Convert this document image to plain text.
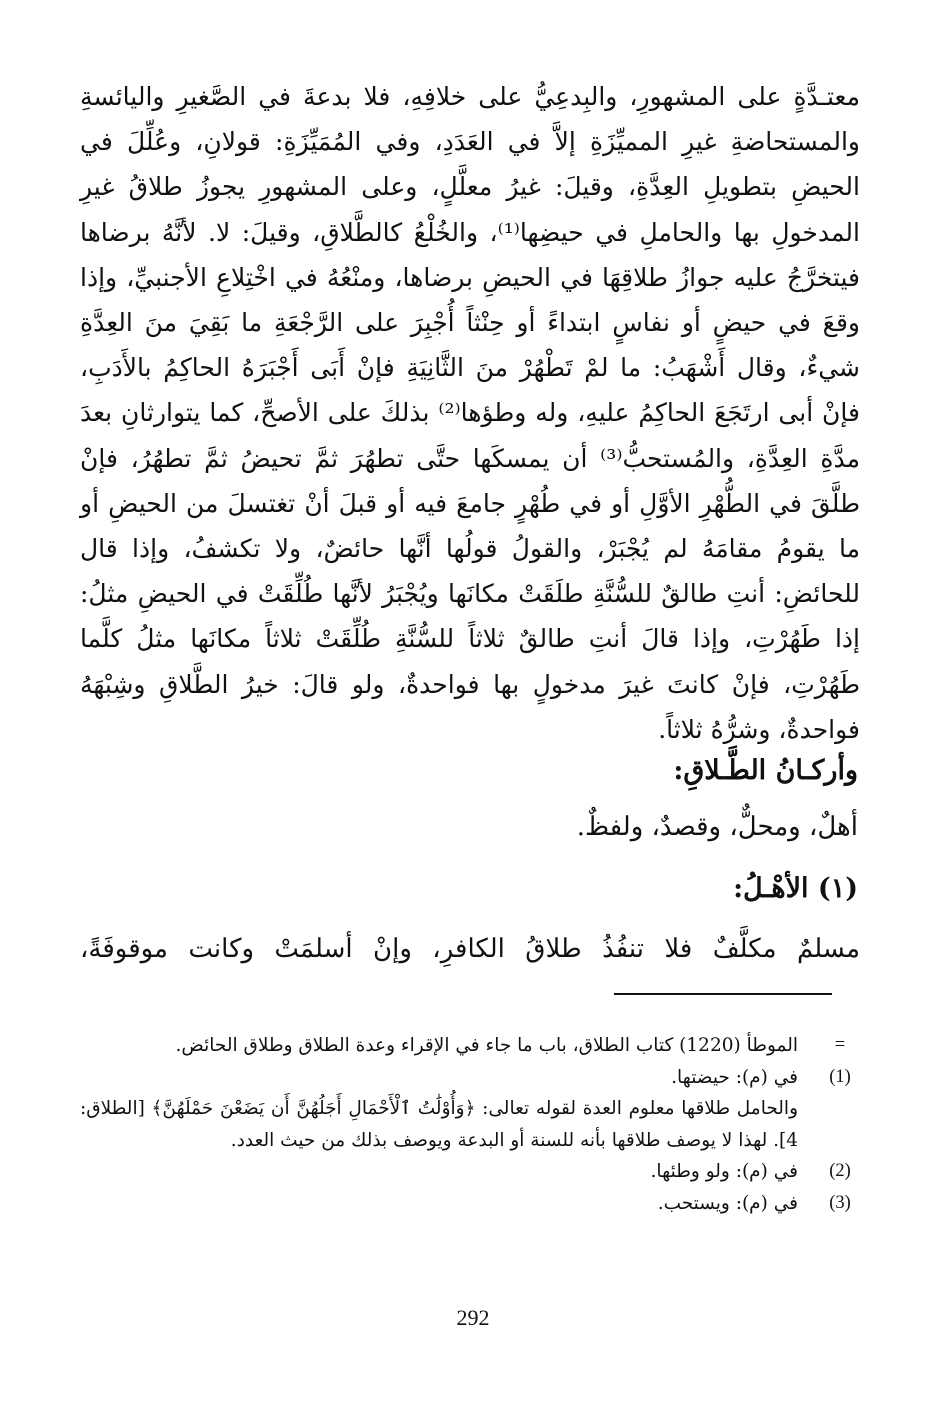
معتـدَّةٍ على المشهورِ، والبِدعِيُّ على خلافِهِ، فلا بدعةَ في الصَّغيرِ واليائسةِ والمستحاضةِ غيرِ المميِّزَةِ إلاَّ في العَدَدِ، وفي المُمَيِّزَةِ: قولانِ، وعُلِّلَ في الحيضِ بتطويلِ العِدَّةِ، وقيلَ: غيرُ معلَّلٍ، وعلى المشهورِ يجوزُ طلاقُ غيرِ المدخولِ بها والحاملِ في حيضِها⁽¹⁾، والخُلْعُ كالطَّلاقِ، وقيلَ: لا. لأنَّهُ برضاها فيتخرَّجُ عليه جوازُ طلاقِهَا في الحيضِ برضاها، ومنْعُهُ في اخْتِلاعِ الأجنبيِّ، وإذا وقعَ في حيضٍ أو نفاسٍ ابتداءً أو حِنْثاً أُجْبِرَ على الرَّجْعَةِ ما بَقِيَ منَ العِدَّةِ شيءٌ، وقال أَشْهَبُ: ما لمْ تَطْهُرْ منَ الثَّانِيَةِ فإنْ أَبَى أَجْبَرَهُ الحاكِمُ بالأَدَبِ، فإنْ أبى ارتَجَعَ الحاكِمُ عليهِ، وله وطؤها⁽²⁾ بذلكَ على الأصحِّ، كما يتوارثانِ بعدَ مدَّةِ العِدَّةِ، والمُستحبُّ⁽³⁾ أن يمسكَها حتَّى تطهُرَ ثمَّ تحيضُ ثمَّ تطهُرُ، فإنْ طلَّقَ في الطُّهْرِ الأوَّلِ أو في طُهْرٍ جامعَ فيه أو قبلَ أنْ تغتسلَ من الحيضِ أو ما يقومُ مقامَهُ لم يُجْبَرْ، والقولُ قولُها أنَّها حائضٌ، ولا تكشفُ، وإذا قال للحائضِ: أنتِ طالقٌ للسُّنَّةِ طلَقَتْ مكانَها ويُجْبَرُ لأنَّها طُلِّقَتْ في الحيضِ مثلُ: إذا طَهُرْتِ، وإذا قالَ أنتِ طالقٌ ثلاثاً للسُّنَّةِ طُلِّقَتْ ثلاثاً مكانَها مثلُ كلَّما طَهُرْتِ، فإنْ كانتَ غيرَ مدخولٍ بها فواحدةٌ، ولو قالَ: خيرُ الطَّلاقِ وشِبْهَهُ فواحدةٌ، وشرُّهُ ثلاثاً.

وأركـانُ الطَّـلاقِ:
أهلٌ، ومحلٌّ، وقصدٌ، ولفظٌ.
(١) الأهْـلُ:
مسلمٌ مكلَّفٌ فلا تنفُذُ طلاقُ الكافرِ، وإنْ أسلمَتْ وكانت موقوفَةً،
=
الموطأ (1220) كتاب الطلاق، باب ما جاء في الإقراء وعدة الطلاق وطلاق الحائض.
(1)
في (م): حيضتها.
والحامل طلاقها معلوم العدة لقوله تعالى: ﴿وَأُوْلَٰتُ ٱلْأَحْمَالِ أَجَلُهُنَّ أَن يَضَعْنَ حَمْلَهُنَّ﴾ [الطلاق: 4]. لهذا لا يوصف طلاقها بأنه للسنة أو البدعة ويوصف بذلك من حيث العدد.
(2)
في (م): ولو وطئها.
(3)
في (م): ويستحب.
292
